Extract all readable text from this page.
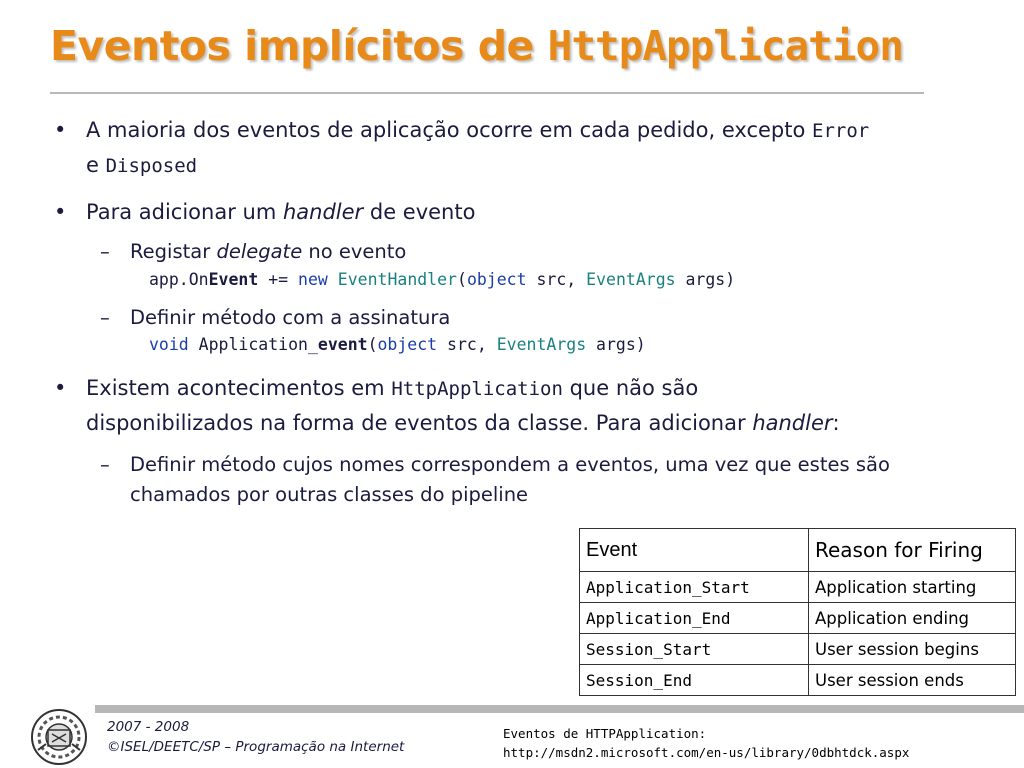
Eventos implícitos de HttpApplication
• A maioria dos eventos de aplicação ocorre em cada pedido, excepto Error
e Disposed
• Para adicionar um handler de evento
– Registar delegate no evento
app.OnEvent += new EventHandler(object src, EventArgs args)
– Definir método com a assinatura
void Application_event(object src, EventArgs args)
• Existem acontecimentos em HttpApplication que não são
disponibilizados na forma de eventos da classe. Para adicionar handler:
– Definir método cujos nomes correspondem a eventos, uma vez que estes são
chamados por outras classes do pipeline
Event	Reason for Firing
Application_Start	Application starting
Application_End	Application ending
Session_Start	User session begins
Session_End	User session ends
2007 - 2008
©ISEL/DEETC/SP – Programação na Internet
Eventos de HTTPApplication:
http://msdn2.microsoft.com/en-us/library/0dbhtdck.aspx
